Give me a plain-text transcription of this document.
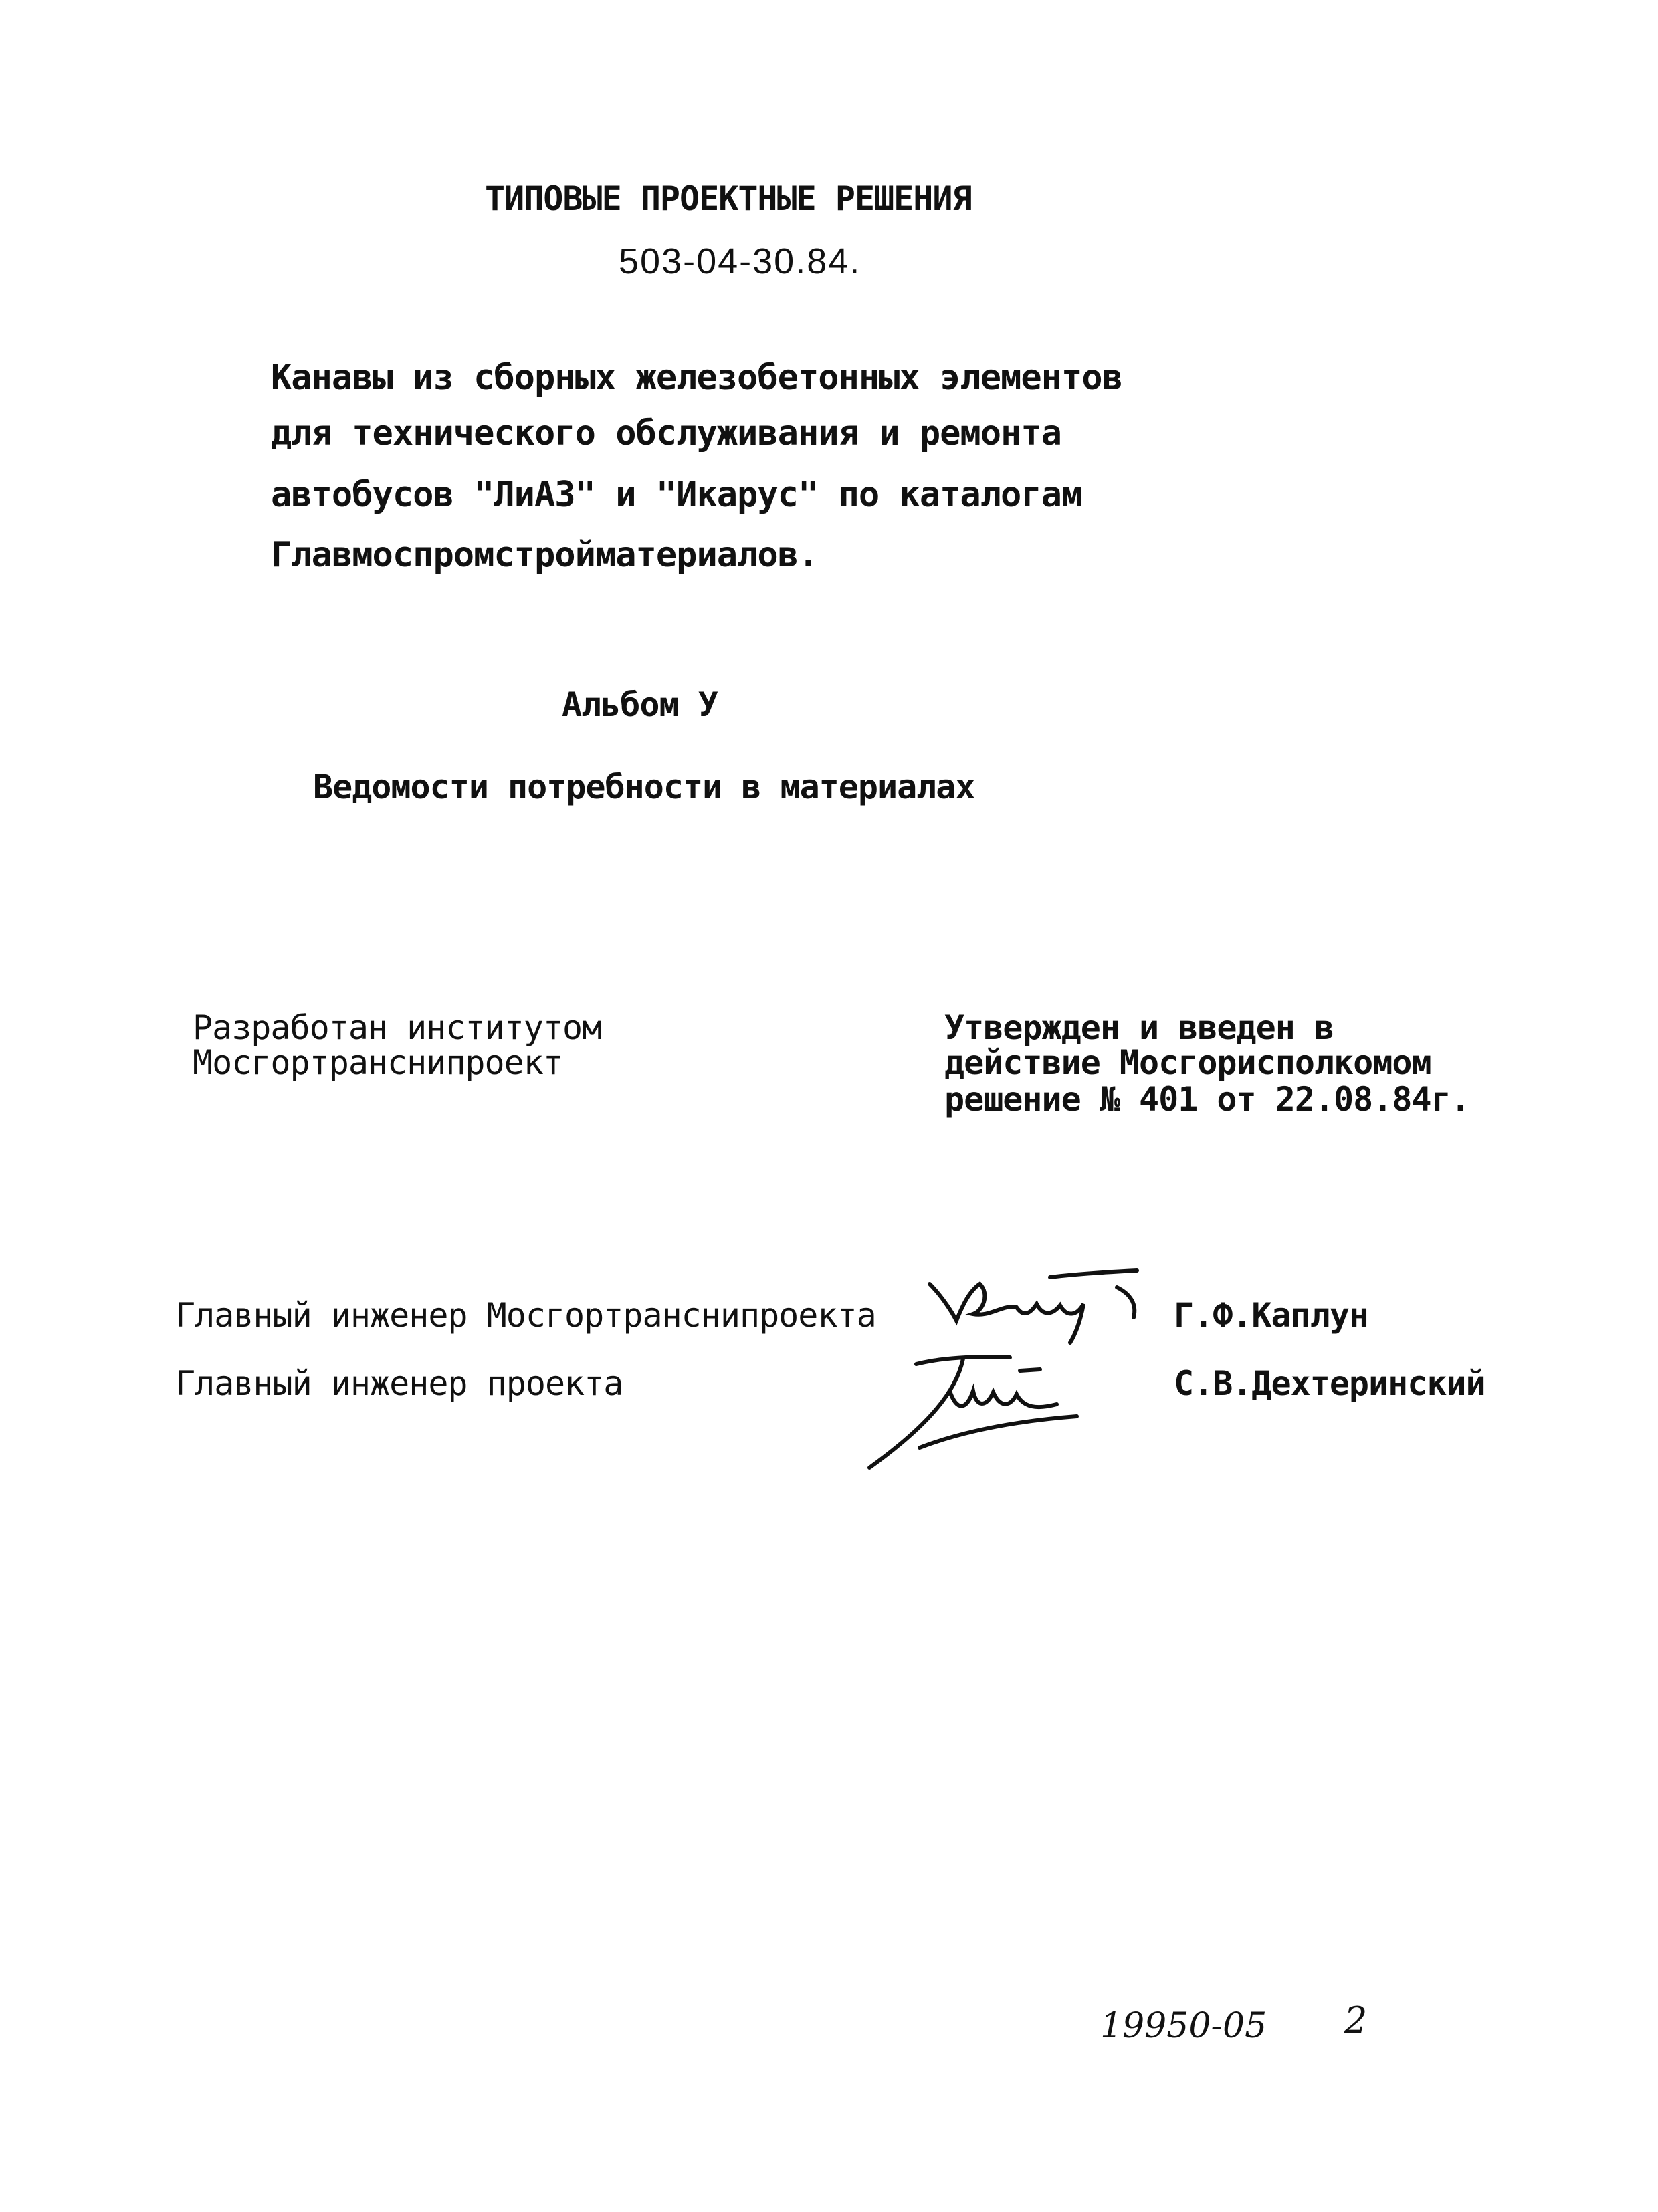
ТИПОВЫЕ ПРОЕКТНЫЕ РЕШЕНИЯ
503-04-30.84.
Канавы из сборных железобетонных элементов
для технического обслуживания и ремонта
автобусов "ЛиАЗ" и "Икарус" по каталогам
Главмоспромстройматериалов.
Альбом У
Ведомости потребности в материалах
Разработан институтом
Мосгортранснипроект
Утвержден и введен в
действие Мосгорисполкомом
решение № 401 от 22.08.84г.
Главный инженер Мосгортранснипроекта	Г.Ф.Каплун
Главный инженер проекта	С.В.Дехтеринский
19950-05 2
